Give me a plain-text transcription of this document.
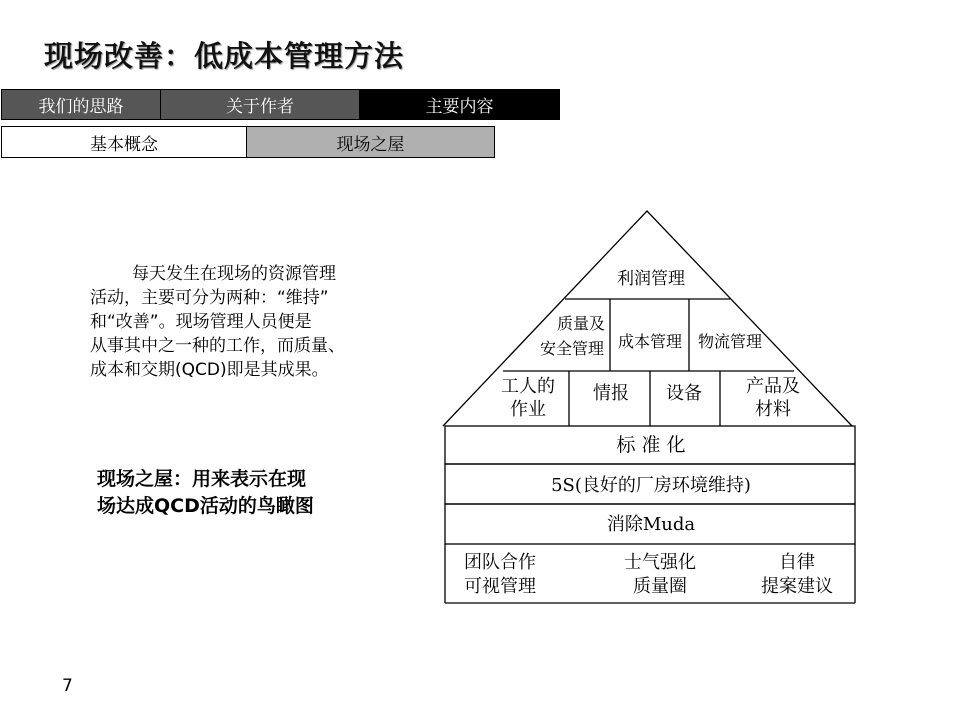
现场改善：低成本管理方法
我们的思路	关于作者	主要内容
基本概念	现场之屋
每天发生在现场的资源管理
活动，主要可分为两种：“维持”
和“改善”。现场管理人员便是
从事其中之一种的工作，而质量、
成本和交期(QCD)即是其成果。
现场之屋：用来表示在现
场达成QCD活动的鸟瞰图
利润管理
质量及
安全管理 成本管理 物流管理
工人的
作业
情报 设备 产品及
材料
标 准 化
5S(良好的厂房环境维持)
消除Muda
团队合作
可视管理
士气强化
质量圈
自律
提案建议
7
